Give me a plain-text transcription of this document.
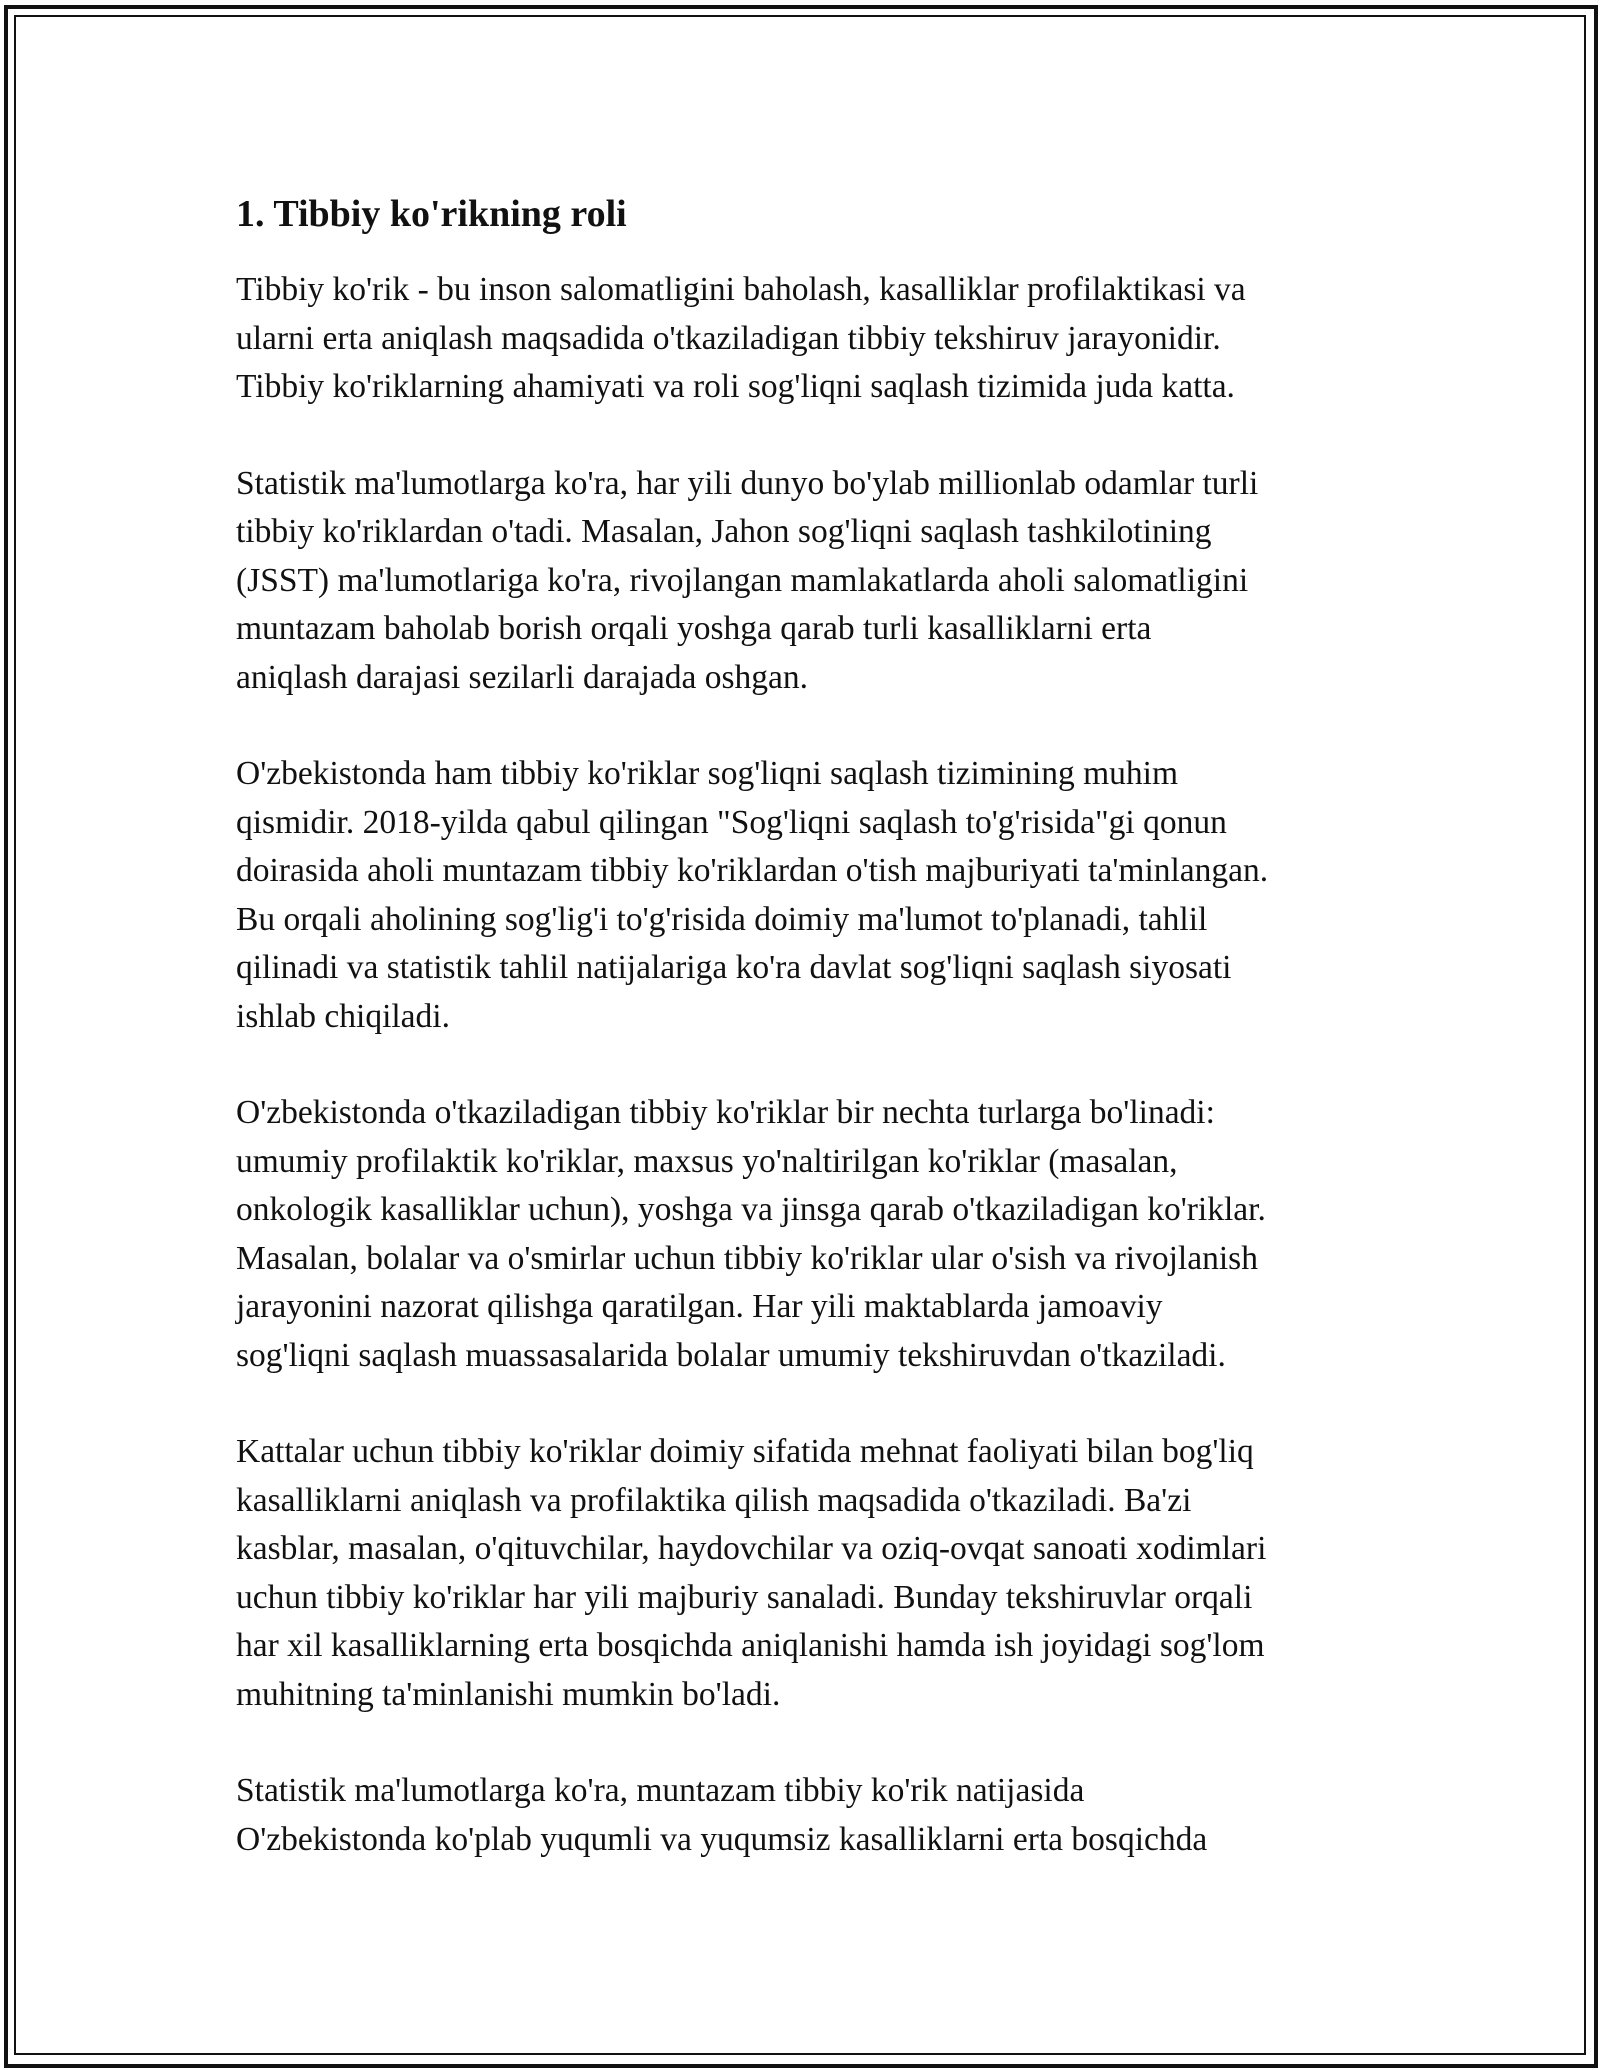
1. Tibbiy ko'rikning roli

Tibbiy ko'rik - bu inson salomatligini baholash, kasalliklar profilaktikasi va
ularni erta aniqlash maqsadida o'tkaziladigan tibbiy tekshiruv jarayonidir.
Tibbiy ko'riklarning ahamiyati va roli sog'liqni saqlash tizimida juda katta.

Statistik ma'lumotlarga ko'ra, har yili dunyo bo'ylab millionlab odamlar turli
tibbiy ko'riklardan o'tadi. Masalan, Jahon sog'liqni saqlash tashkilotining
(JSST) ma'lumotlariga ko'ra, rivojlangan mamlakatlarda aholi salomatligini
muntazam baholab borish orqali yoshga qarab turli kasalliklarni erta
aniqlash darajasi sezilarli darajada oshgan.

O'zbekistonda ham tibbiy ko'riklar sog'liqni saqlash tizimining muhim
qismidir. 2018-yilda qabul qilingan "Sog'liqni saqlash to'g'risida"gi qonun
doirasida aholi muntazam tibbiy ko'riklardan o'tish majburiyati ta'minlangan.
Bu orqali aholining sog'lig'i to'g'risida doimiy ma'lumot to'planadi, tahlil
qilinadi va statistik tahlil natijalariga ko'ra davlat sog'liqni saqlash siyosati
ishlab chiqiladi.

O'zbekistonda o'tkaziladigan tibbiy ko'riklar bir nechta turlarga bo'linadi:
umumiy profilaktik ko'riklar, maxsus yo'naltirilgan ko'riklar (masalan,
onkologik kasalliklar uchun), yoshga va jinsga qarab o'tkaziladigan ko'riklar.
Masalan, bolalar va o'smirlar uchun tibbiy ko'riklar ular o'sish va rivojlanish
jarayonini nazorat qilishga qaratilgan. Har yili maktablarda jamoaviy
sog'liqni saqlash muassasalarida bolalar umumiy tekshiruvdan o'tkaziladi.

Kattalar uchun tibbiy ko'riklar doimiy sifatida mehnat faoliyati bilan bog'liq
kasalliklarni aniqlash va profilaktika qilish maqsadida o'tkaziladi. Ba'zi
kasblar, masalan, o'qituvchilar, haydovchilar va oziq-ovqat sanoati xodimlari
uchun tibbiy ko'riklar har yili majburiy sanaladi. Bunday tekshiruvlar orqali
har xil kasalliklarning erta bosqichda aniqlanishi hamda ish joyidagi sog'lom
muhitning ta'minlanishi mumkin bo'ladi.

Statistik ma'lumotlarga ko'ra, muntazam tibbiy ko'rik natijasida
O'zbekistonda ko'plab yuqumli va yuqumsiz kasalliklarni erta bosqichda
